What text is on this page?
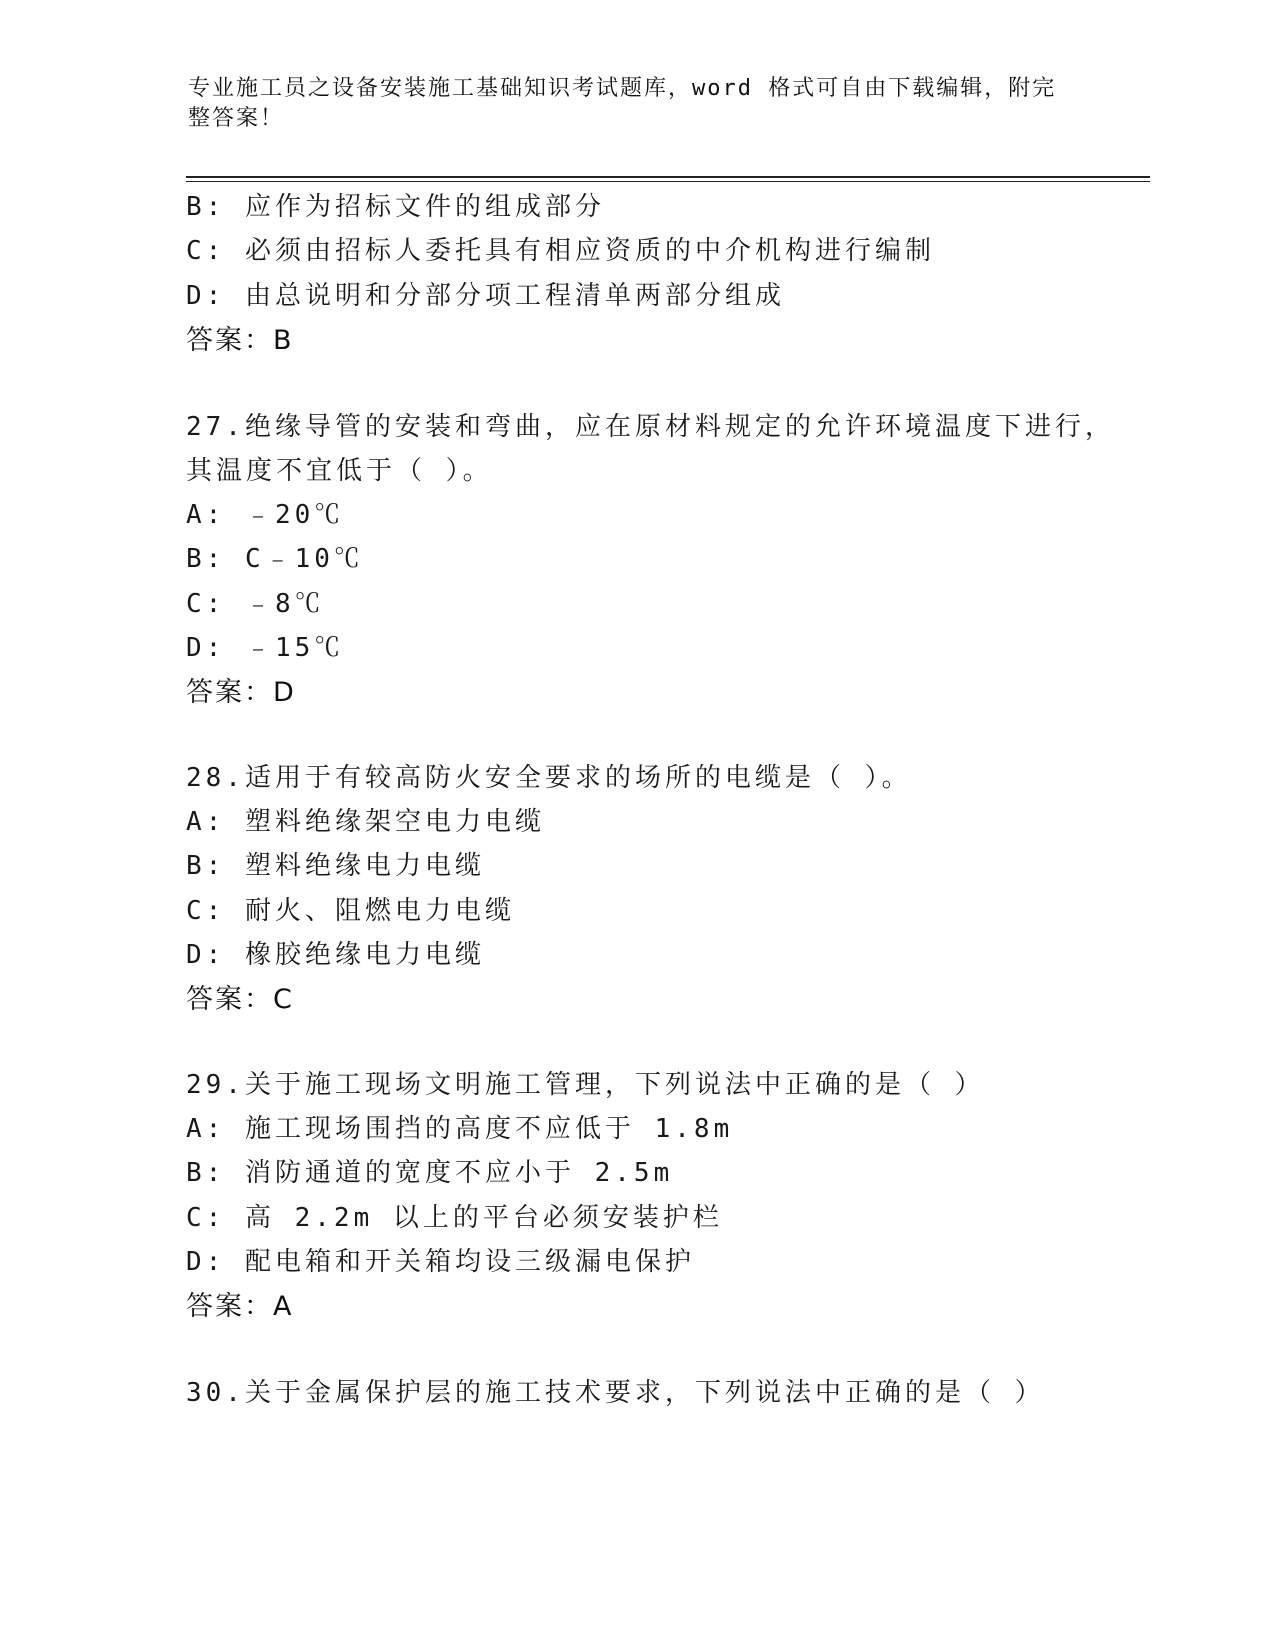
专业施工员之设备安装施工基础知识考试题库，word 格式可自由下载编辑，附完整答案！
B: 应作为招标文件的组成部分
C: 必须由招标人委托具有相应资质的中介机构进行编制
D: 由总说明和分部分项工程清单两部分组成
答案：B
27.绝缘导管的安装和弯曲，应在原材料规定的允许环境温度下进行，
其温度不宜低于（ ）。
A: ﹣20℃
B: C﹣10℃
C: ﹣8℃
D: ﹣15℃
答案：D
28.适用于有较高防火安全要求的场所的电缆是（ ）。
A: 塑料绝缘架空电力电缆
B: 塑料绝缘电力电缆
C: 耐火、阻燃电力电缆
D: 橡胶绝缘电力电缆
答案：C
29.关于施工现场文明施工管理，下列说法中正确的是（ ）
A: 施工现场围挡的高度不应低于 1.8m
B: 消防通道的宽度不应小于 2.5m
C: 高 2.2m 以上的平台必须安装护栏
D: 配电箱和开关箱均设三级漏电保护
答案：A
30.关于金属保护层的施工技术要求，下列说法中正确的是（ ）
